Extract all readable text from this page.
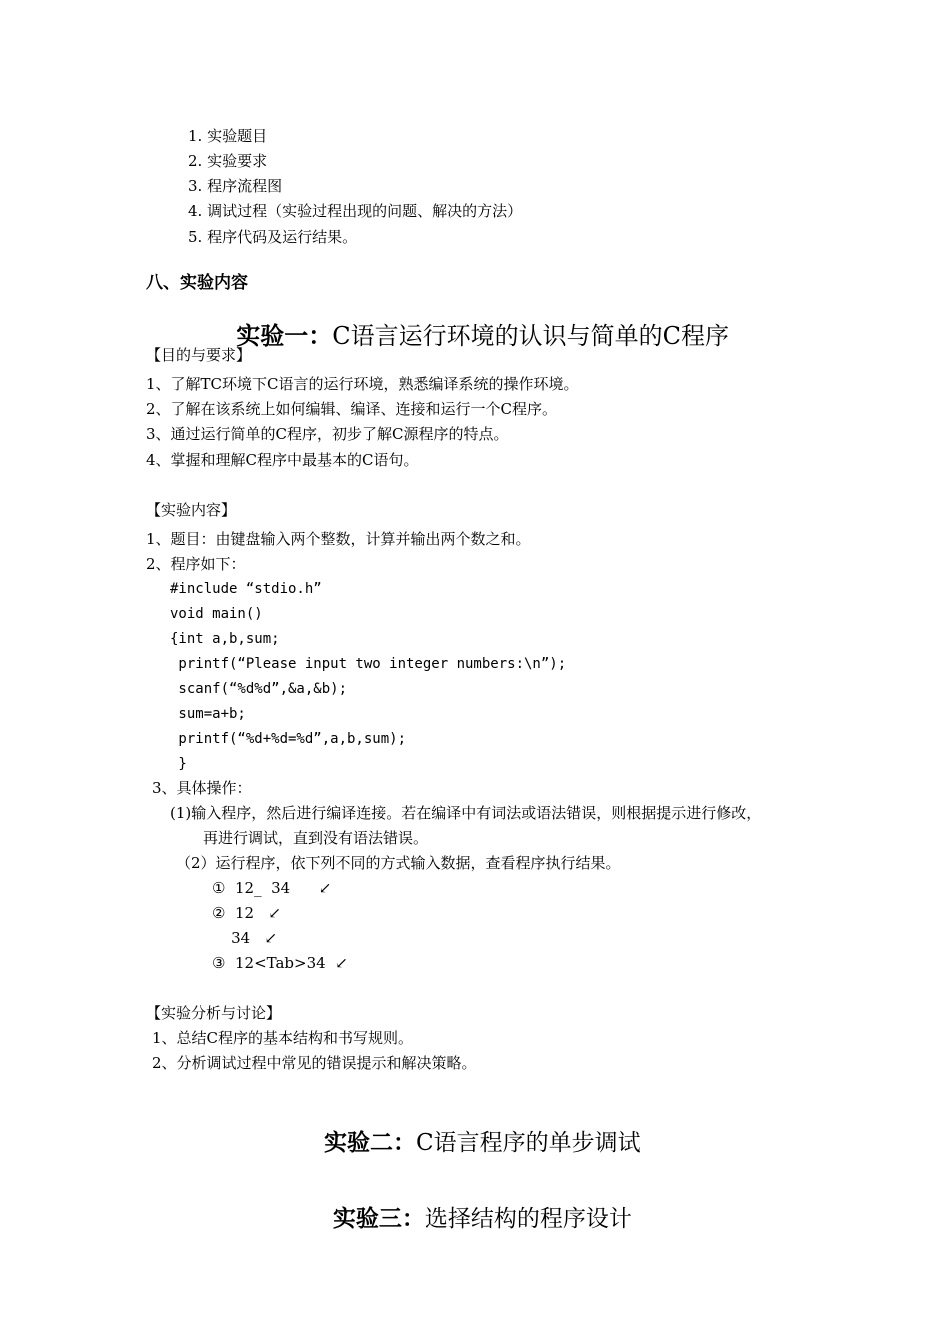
1. 实验题目
2. 实验要求
3. 程序流程图
4. 调试过程（实验过程出现的问题、解决的方法）
5. 程序代码及运行结果。
八、实验内容

实验一：C语言运行环境的认识与简单的C程序

【目的与要求】
1、了解TC环境下C语言的运行环境，熟悉编译系统的操作环境。
2、了解在该系统上如何编辑、编译、连接和运行一个C程序。
3、通过运行简单的C程序，初步了解C源程序的特点。
4、掌握和理解C程序中最基本的C语句。
【实验内容】
1、题目：由键盘输入两个整数，计算并输出两个数之和。
2、程序如下：
#include “stdio.h”
void main()
{int a,b,sum;
printf(“Please input two integer numbers:\n”);
scanf(“%d%d”,&a,&b);
sum=a+b;
printf(“%d+%d=%d”,a,b,sum);
}
3、具体操作：
(1)输入程序，然后进行编译连接。若在编译中有词法或语法错误，则根据提示进行修改，
再进行调试，直到没有语法错误。
（2）运行程序，依下列不同的方式输入数据，查看程序执行结果。
①  12_  34      ↙
②  12   ↙
34   ↙
③  12<Tab>34  ↙
【实验分析与讨论】
1、总结C程序的基本结构和书写规则。
2、分析调试过程中常见的错误提示和解决策略。

实验二：C语言程序的单步调试

实验三：选择结构的程序设计
